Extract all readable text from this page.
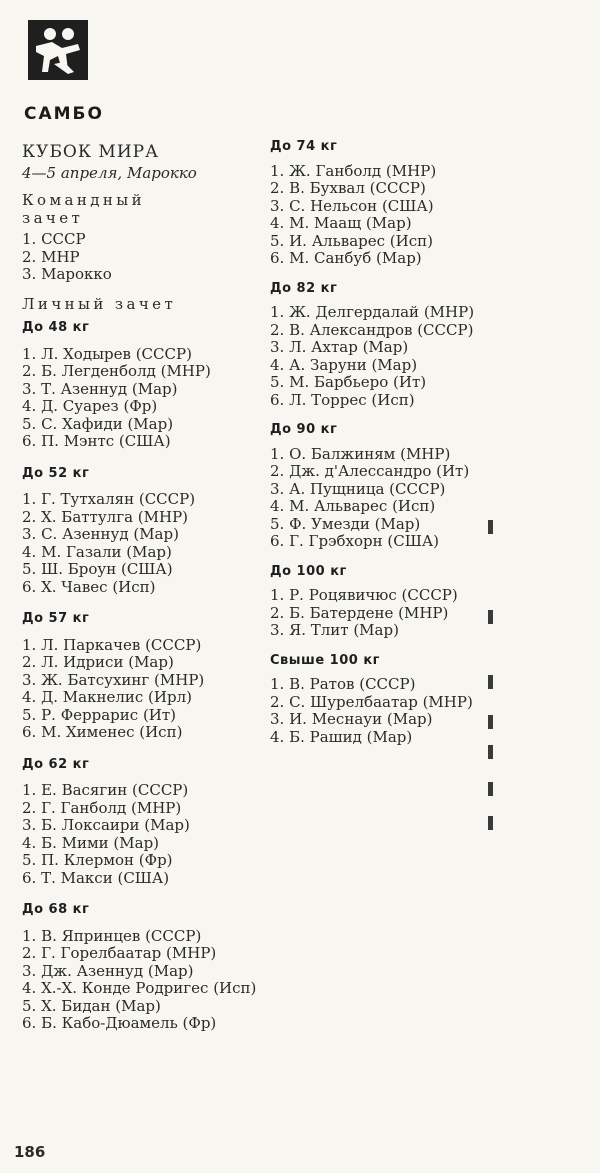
САМБО
КУБОК МИРА
4—5 апреля, Марокко
Командный
зачет
1. СССР
2. МНР
3. Марокко
Личный зачет
До 48 кг
1. Л. Ходырев (СССР)
2. Б. Легденболд (МНР)
3. Т. Азеннуд (Мар)
4. Д. Суарез (Фр)
5. С. Хафиди (Мар)
6. П. Мэнтс (США)
До 52 кг
1. Г. Тутхалян (СССР)
2. Х. Баттулга (МНР)
3. С. Азеннуд (Мар)
4. М. Газали (Мар)
5. Ш. Броун (США)
6. Х. Чавес (Исп)
До 57 кг
1. Л. Паркачев (СССР)
2. Л. Идриси (Мар)
3. Ж. Батсухинг (МНР)
4. Д. Макнелис (Ирл)
5. Р. Феррарис (Ит)
6. М. Хименес (Исп)
До 62 кг
1. Е. Васягин (СССР)
2. Г. Ганболд (МНР)
3. Б. Локсаири (Мар)
4. Б. Мими (Мар)
5. П. Клермон (Фр)
6. Т. Макси (США)
До 68 кг
1. В. Япринцев (СССР)
2. Г. Горелбаатар (МНР)
3. Дж. Азеннуд (Мар)
4. Х.-Х. Конде Родригес (Исп)
5. Х. Бидан (Мар)
6. Б. Кабо-Дюамель (Фр)
До 74 кг
1. Ж. Ганболд (МНР)
2. В. Бухвал (СССР)
3. С. Нельсон (США)
4. М. Маащ (Мар)
5. И. Альварес (Исп)
6. М. Санбуб (Мар)
До 82 кг
1. Ж. Делгердалай (МНР)
2. В. Александров (СССР)
3. Л. Ахтар (Мар)
4. А. Заруни (Мар)
5. М. Барбьеро (Ит)
6. Л. Торрес (Исп)
До 90 кг
1. О. Балжиням (МНР)
2. Дж. д'Алессандро (Ит)
3. А. Пущница (СССР)
4. М. Альварес (Исп)
5. Ф. Умезди (Мар)
6. Г. Грэбхорн (США)
До 100 кг
1. Р. Роцявичюс (СССР)
2. Б. Батердене (МНР)
3. Я. Тлит (Мар)
Свыше 100 кг
1. В. Ратов (СССР)
2. С. Шурелбаатар (МНР)
3. И. Меснауи (Мар)
4. Б. Рашид (Мар)
186
